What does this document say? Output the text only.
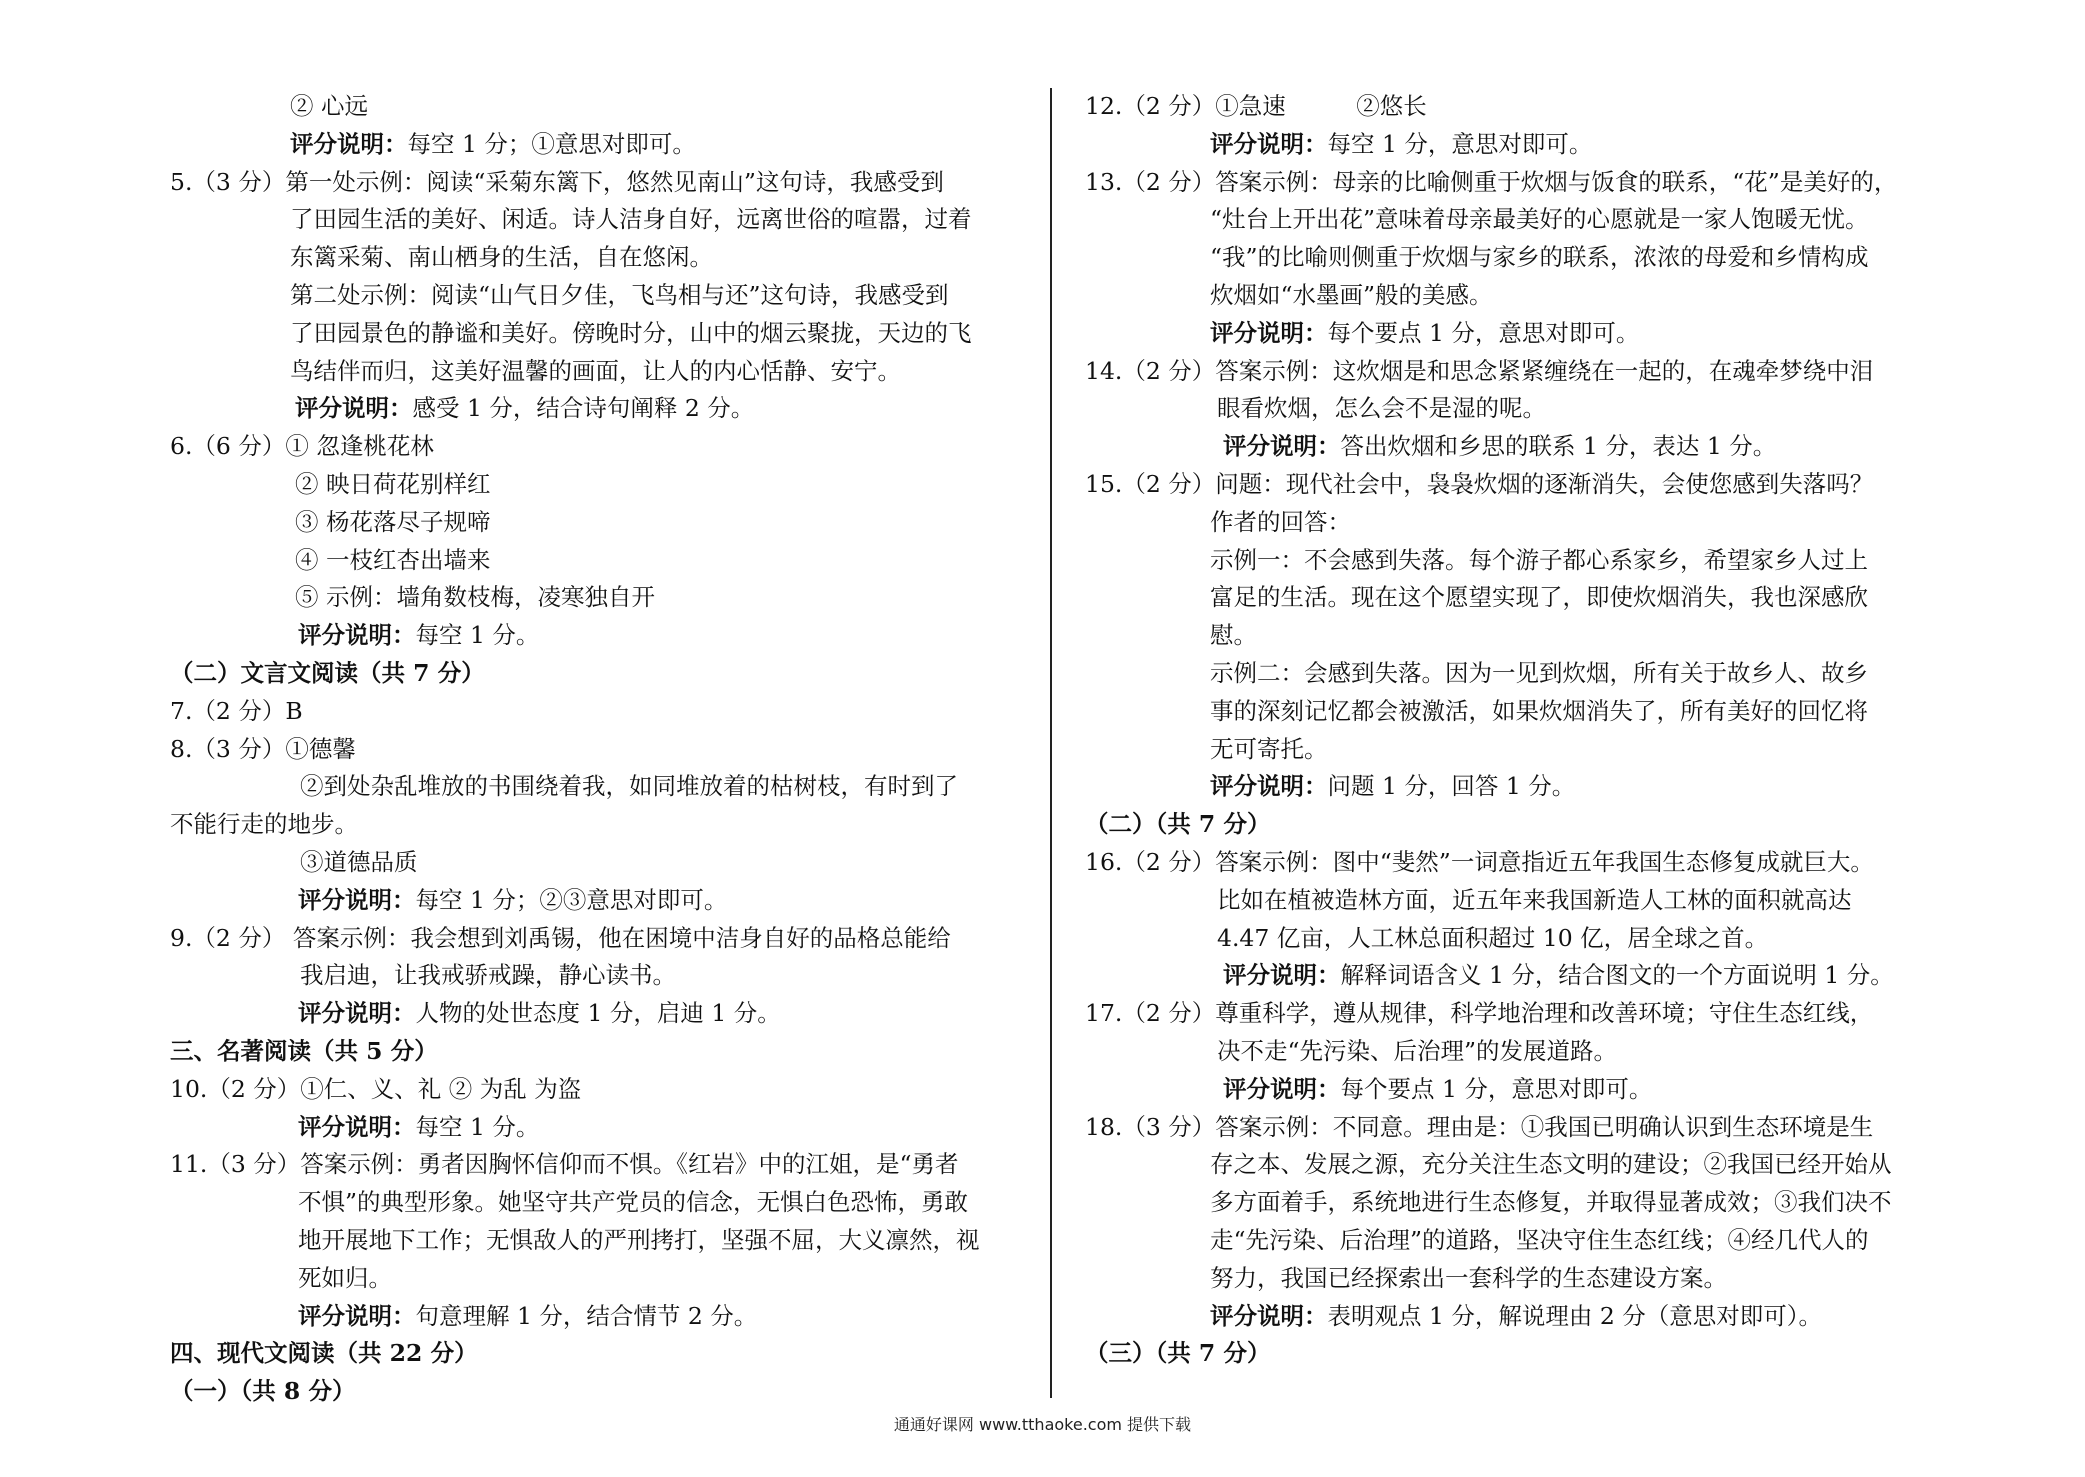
② 心远
评分说明：每空 1 分；①意思对即可。
5.（3 分）第一处示例：阅读“采菊东篱下，悠然见南山”这句诗，我感受到
了田园生活的美好、闲适。诗人洁身自好，远离世俗的喧嚣，过着
东篱采菊、南山栖身的生活，自在悠闲。
第二处示例：阅读“山气日夕佳，飞鸟相与还”这句诗，我感受到
了田园景色的静谧和美好。傍晚时分，山中的烟云聚拢，天边的飞
鸟结伴而归，这美好温馨的画面，让人的内心恬静、安宁。
评分说明：感受 1 分，结合诗句阐释 2 分。
6.（6 分）① 忽逢桃花林
② 映日荷花别样红
③ 杨花落尽子规啼
④ 一枝红杏出墙来
⑤ 示例：墙角数枝梅，凌寒独自开
评分说明：每空 1 分。
（二）文言文阅读（共 7 分）
7.（2 分）B
8.（3 分）①德馨
②到处杂乱堆放的书围绕着我，如同堆放着的枯树枝，有时到了
不能行走的地步。
③道德品质
评分说明：每空 1 分；②③意思对即可。
9.（2 分） 答案示例：我会想到刘禹锡，他在困境中洁身自好的品格总能给
我启迪，让我戒骄戒躁，静心读书。
评分说明：人物的处世态度 1 分，启迪 1 分。
三、名著阅读（共 5 分）
10.（2 分）①仁、义、礼 ② 为乱 为盗
评分说明：每空 1 分。
11.（3 分）答案示例：勇者因胸怀信仰而不惧。《红岩》中的江姐，是“勇者
不惧”的典型形象。她坚守共产党员的信念，无惧白色恐怖，勇敢
地开展地下工作；无惧敌人的严刑拷打，坚强不屈，大义凛然，视
死如归。
评分说明：句意理解 1 分，结合情节 2 分。
四、现代文阅读（共 22 分）
（一）（共 8 分）
12.（2 分）①急速　　　②悠长
评分说明：每空 1 分，意思对即可。
13.（2 分）答案示例：母亲的比喻侧重于炊烟与饭食的联系，“花”是美好的，
“灶台上开出花”意味着母亲最美好的心愿就是一家人饱暖无忧。
“我”的比喻则侧重于炊烟与家乡的联系，浓浓的母爱和乡情构成
炊烟如“水墨画”般的美感。
评分说明：每个要点 1 分，意思对即可。
14.（2 分）答案示例：这炊烟是和思念紧紧缠绕在一起的，在魂牵梦绕中泪
眼看炊烟，怎么会不是湿的呢。
评分说明：答出炊烟和乡思的联系 1 分，表达 1 分。
15.（2 分）问题：现代社会中，袅袅炊烟的逐渐消失，会使您感到失落吗？
作者的回答：
示例一：不会感到失落。每个游子都心系家乡，希望家乡人过上
富足的生活。现在这个愿望实现了，即使炊烟消失，我也深感欣
慰。
示例二：会感到失落。因为一见到炊烟，所有关于故乡人、故乡
事的深刻记忆都会被激活，如果炊烟消失了，所有美好的回忆将
无可寄托。
评分说明：问题 1 分，回答 1 分。
（二）（共 7 分）
16.（2 分）答案示例：图中“斐然”一词意指近五年我国生态修复成就巨大。
比如在植被造林方面，近五年来我国新造人工林的面积就高达
4.47 亿亩，人工林总面积超过 10 亿，居全球之首。
评分说明：解释词语含义 1 分，结合图文的一个方面说明 1 分。
17.（2 分）尊重科学，遵从规律，科学地治理和改善环境；守住生态红线，
决不走“先污染、后治理”的发展道路。
评分说明：每个要点 1 分，意思对即可。
18.（3 分）答案示例：不同意。理由是：①我国已明确认识到生态环境是生
存之本、发展之源，充分关注生态文明的建设；②我国已经开始从
多方面着手，系统地进行生态修复，并取得显著成效；③我们决不
走“先污染、后治理”的道路，坚决守住生态红线；④经几代人的
努力，我国已经探索出一套科学的生态建设方案。
评分说明：表明观点 1 分，解说理由 2 分（意思对即可）。
（三）（共 7 分）
通通好课网 www.tthaoke.com 提供下载
